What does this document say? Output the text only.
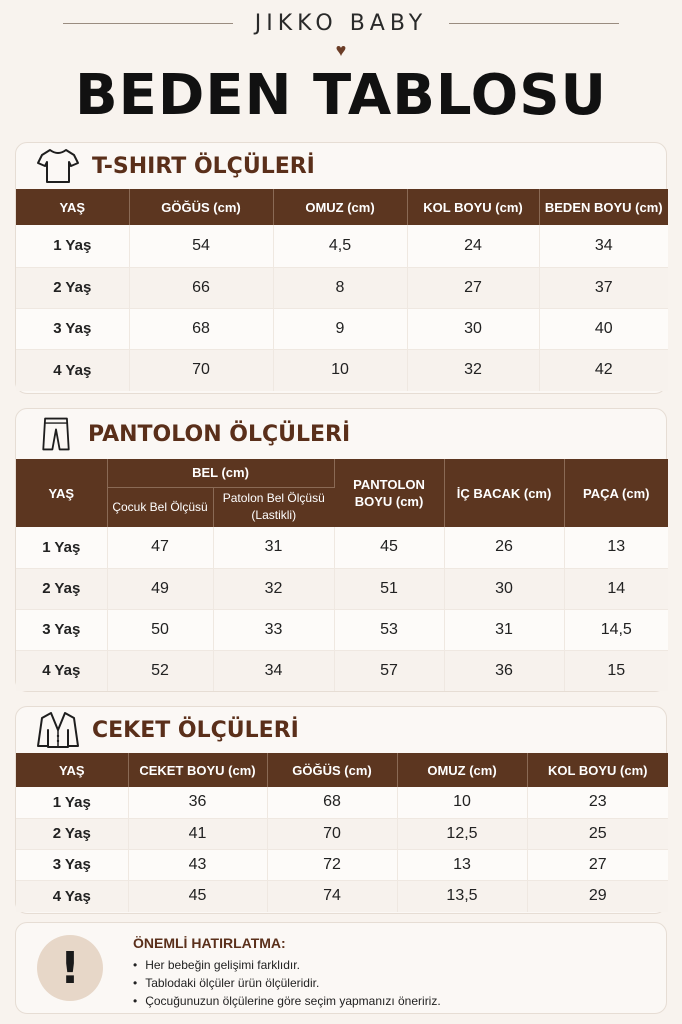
JIKKO BABY
♥
BEDEN TABLOSU
T-SHIRT ÖLÇÜLERİ
YAŞ	GÖĞÜS (cm)	OMUZ (cm)	KOL BOYU (cm)	BEDEN BOYU (cm)
1 Yaş	54	4,5	24	34
2 Yaş	66	8	27	37
3 Yaş	68	9	30	40
4 Yaş	70	10	32	42
PANTOLON ÖLÇÜLERİ
YAŞ	BEL (cm)		PANTOLON BOYU (cm)	İÇ BACAK (cm)	PAÇA (cm)
	Çocuk Bel Ölçüsü	Patolon Bel Ölçüsü (Lastikli)			
1 Yaş	47	31	45	26	13
2 Yaş	49	32	51	30	14
3 Yaş	50	33	53	31	14,5
4 Yaş	52	34	57	36	15
CEKET ÖLÇÜLERİ
YAŞ	CEKET BOYU (cm)	GÖĞÜS (cm)	OMUZ (cm)	KOL BOYU (cm)
1 Yaş	36	68	10	23
2 Yaş	41	70	12,5	25
3 Yaş	43	72	13	27
4 Yaş	45	74	13,5	29
!	ÖNEMLİ HATIRLATMA:
• Her bebeğin gelişimi farklıdır.
• Tablodaki ölçüler ürün ölçüleridir.
• Çocuğunuzun ölçülerine göre seçim yapmanızı öneririz.
